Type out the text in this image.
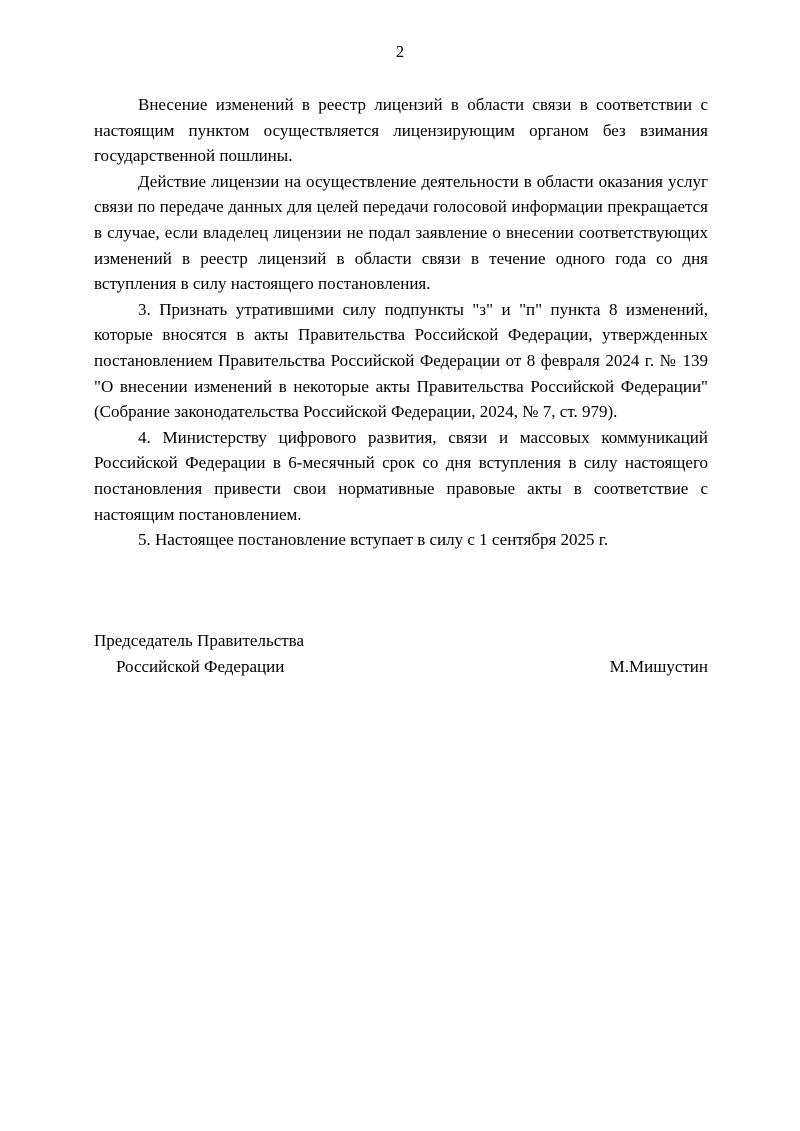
2

Внесение изменений в реестр лицензий в области связи в соответствии с настоящим пунктом осуществляется лицензирующим органом без взимания государственной пошлины.

Действие лицензии на осуществление деятельности в области оказания услуг связи по передаче данных для целей передачи голосовой информации прекращается в случае, если владелец лицензии не подал заявление о внесении соответствующих изменений в реестр лицензий в области связи в течение одного года со дня вступления в силу настоящего постановления.

3. Признать утратившими силу подпункты "з" и "п" пункта 8 изменений, которые вносятся в акты Правительства Российской Федерации, утвержденных постановлением Правительства Российской Федерации от 8 февраля 2024 г. № 139 "О внесении изменений в некоторые акты Правительства Российской Федерации" (Собрание законодательства Российской Федерации, 2024, № 7, ст. 979).

4. Министерству цифрового развития, связи и массовых коммуникаций Российской Федерации в 6-месячный срок со дня вступления в силу настоящего постановления привести свои нормативные правовые акты в соответствие с настоящим постановлением.

5. Настоящее постановление вступает в силу с 1 сентября 2025 г.

Председатель Правительства
Российской Федерации	М.Мишустин
